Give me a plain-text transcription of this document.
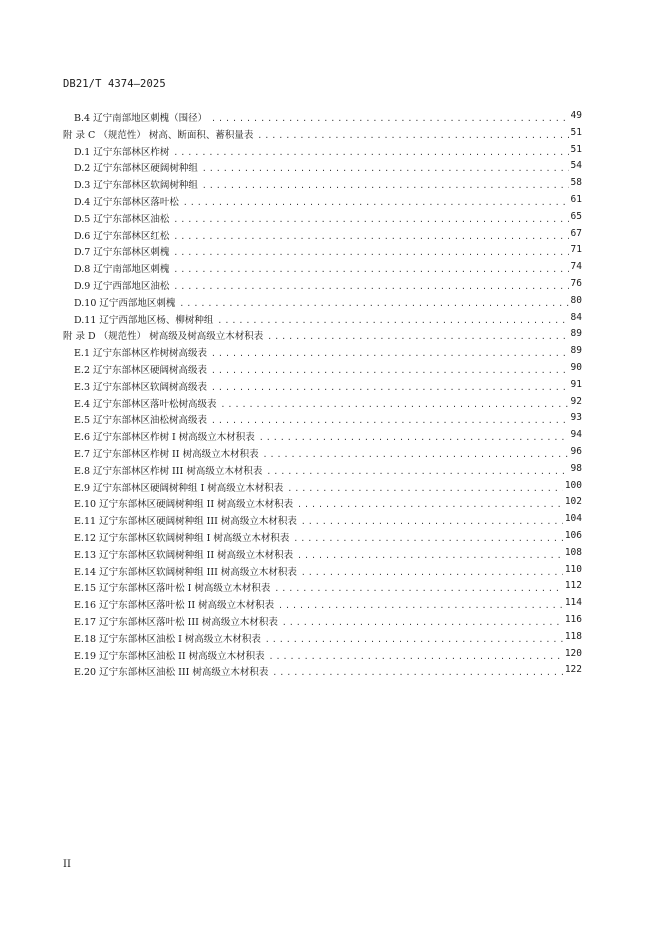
DB21/T 4374—2025
B.4 辽宁南部地区刺槐（围径） .....	49
附 录 C （规范性） 树高、断面积、蓄积量表 .....	51
D.1 辽宁东部林区柞树 .....	51
D.2 辽宁东部林区硬阔树种组 .....	54
D.3 辽宁东部林区软阔树种组 .....	58
D.4 辽宁东部林区落叶松 .....	61
D.5 辽宁东部林区油松 .....	65
D.6 辽宁东部林区红松 .....	67
D.7 辽宁东部林区刺槐 .....	71
D.8 辽宁南部地区刺槐 .....	74
D.9 辽宁西部地区油松 .....	76
D.10 辽宁西部地区刺槐 .....	80
D.11 辽宁西部地区杨、柳树种组 .....	84
附 录 D （规范性） 树高级及树高级立木材积表 .....	89
E.1 辽宁东部林区柞树树高级表 .....	89
E.2 辽宁东部林区硬阔树高级表 .....	90
E.3 辽宁东部林区软阔树高级表 .....	91
E.4 辽宁东部林区落叶松树高级表 .....	92
E.5 辽宁东部林区油松树高级表 .....	93
E.6 辽宁东部林区柞树 I 树高级立木材积表 .....	94
E.7 辽宁东部林区柞树 II 树高级立木材积表 .....	96
E.8 辽宁东部林区柞树 III 树高级立木材积表 .....	98
E.9 辽宁东部林区硬阔树种组 I 树高级立木材积表 .....	100
E.10 辽宁东部林区硬阔树种组 II 树高级立木材积表 .....	102
E.11 辽宁东部林区硬阔树种组 III 树高级立木材积表 .....	104
E.12 辽宁东部林区软阔树种组 I 树高级立木材积表 .....	106
E.13 辽宁东部林区软阔树种组 II 树高级立木材积表 .....	108
E.14 辽宁东部林区软阔树种组 III 树高级立木材积表 .....	110
E.15 辽宁东部林区落叶松 I 树高级立木材积表 .....	112
E.16 辽宁东部林区落叶松 II 树高级立木材积表 .....	114
E.17 辽宁东部林区落叶松 III 树高级立木材积表 .....	116
E.18 辽宁东部林区油松 I 树高级立木材积表 .....	118
E.19 辽宁东部林区油松 II 树高级立木材积表 .....	120
E.20 辽宁东部林区油松 III 树高级立木材积表 .....	122
II
